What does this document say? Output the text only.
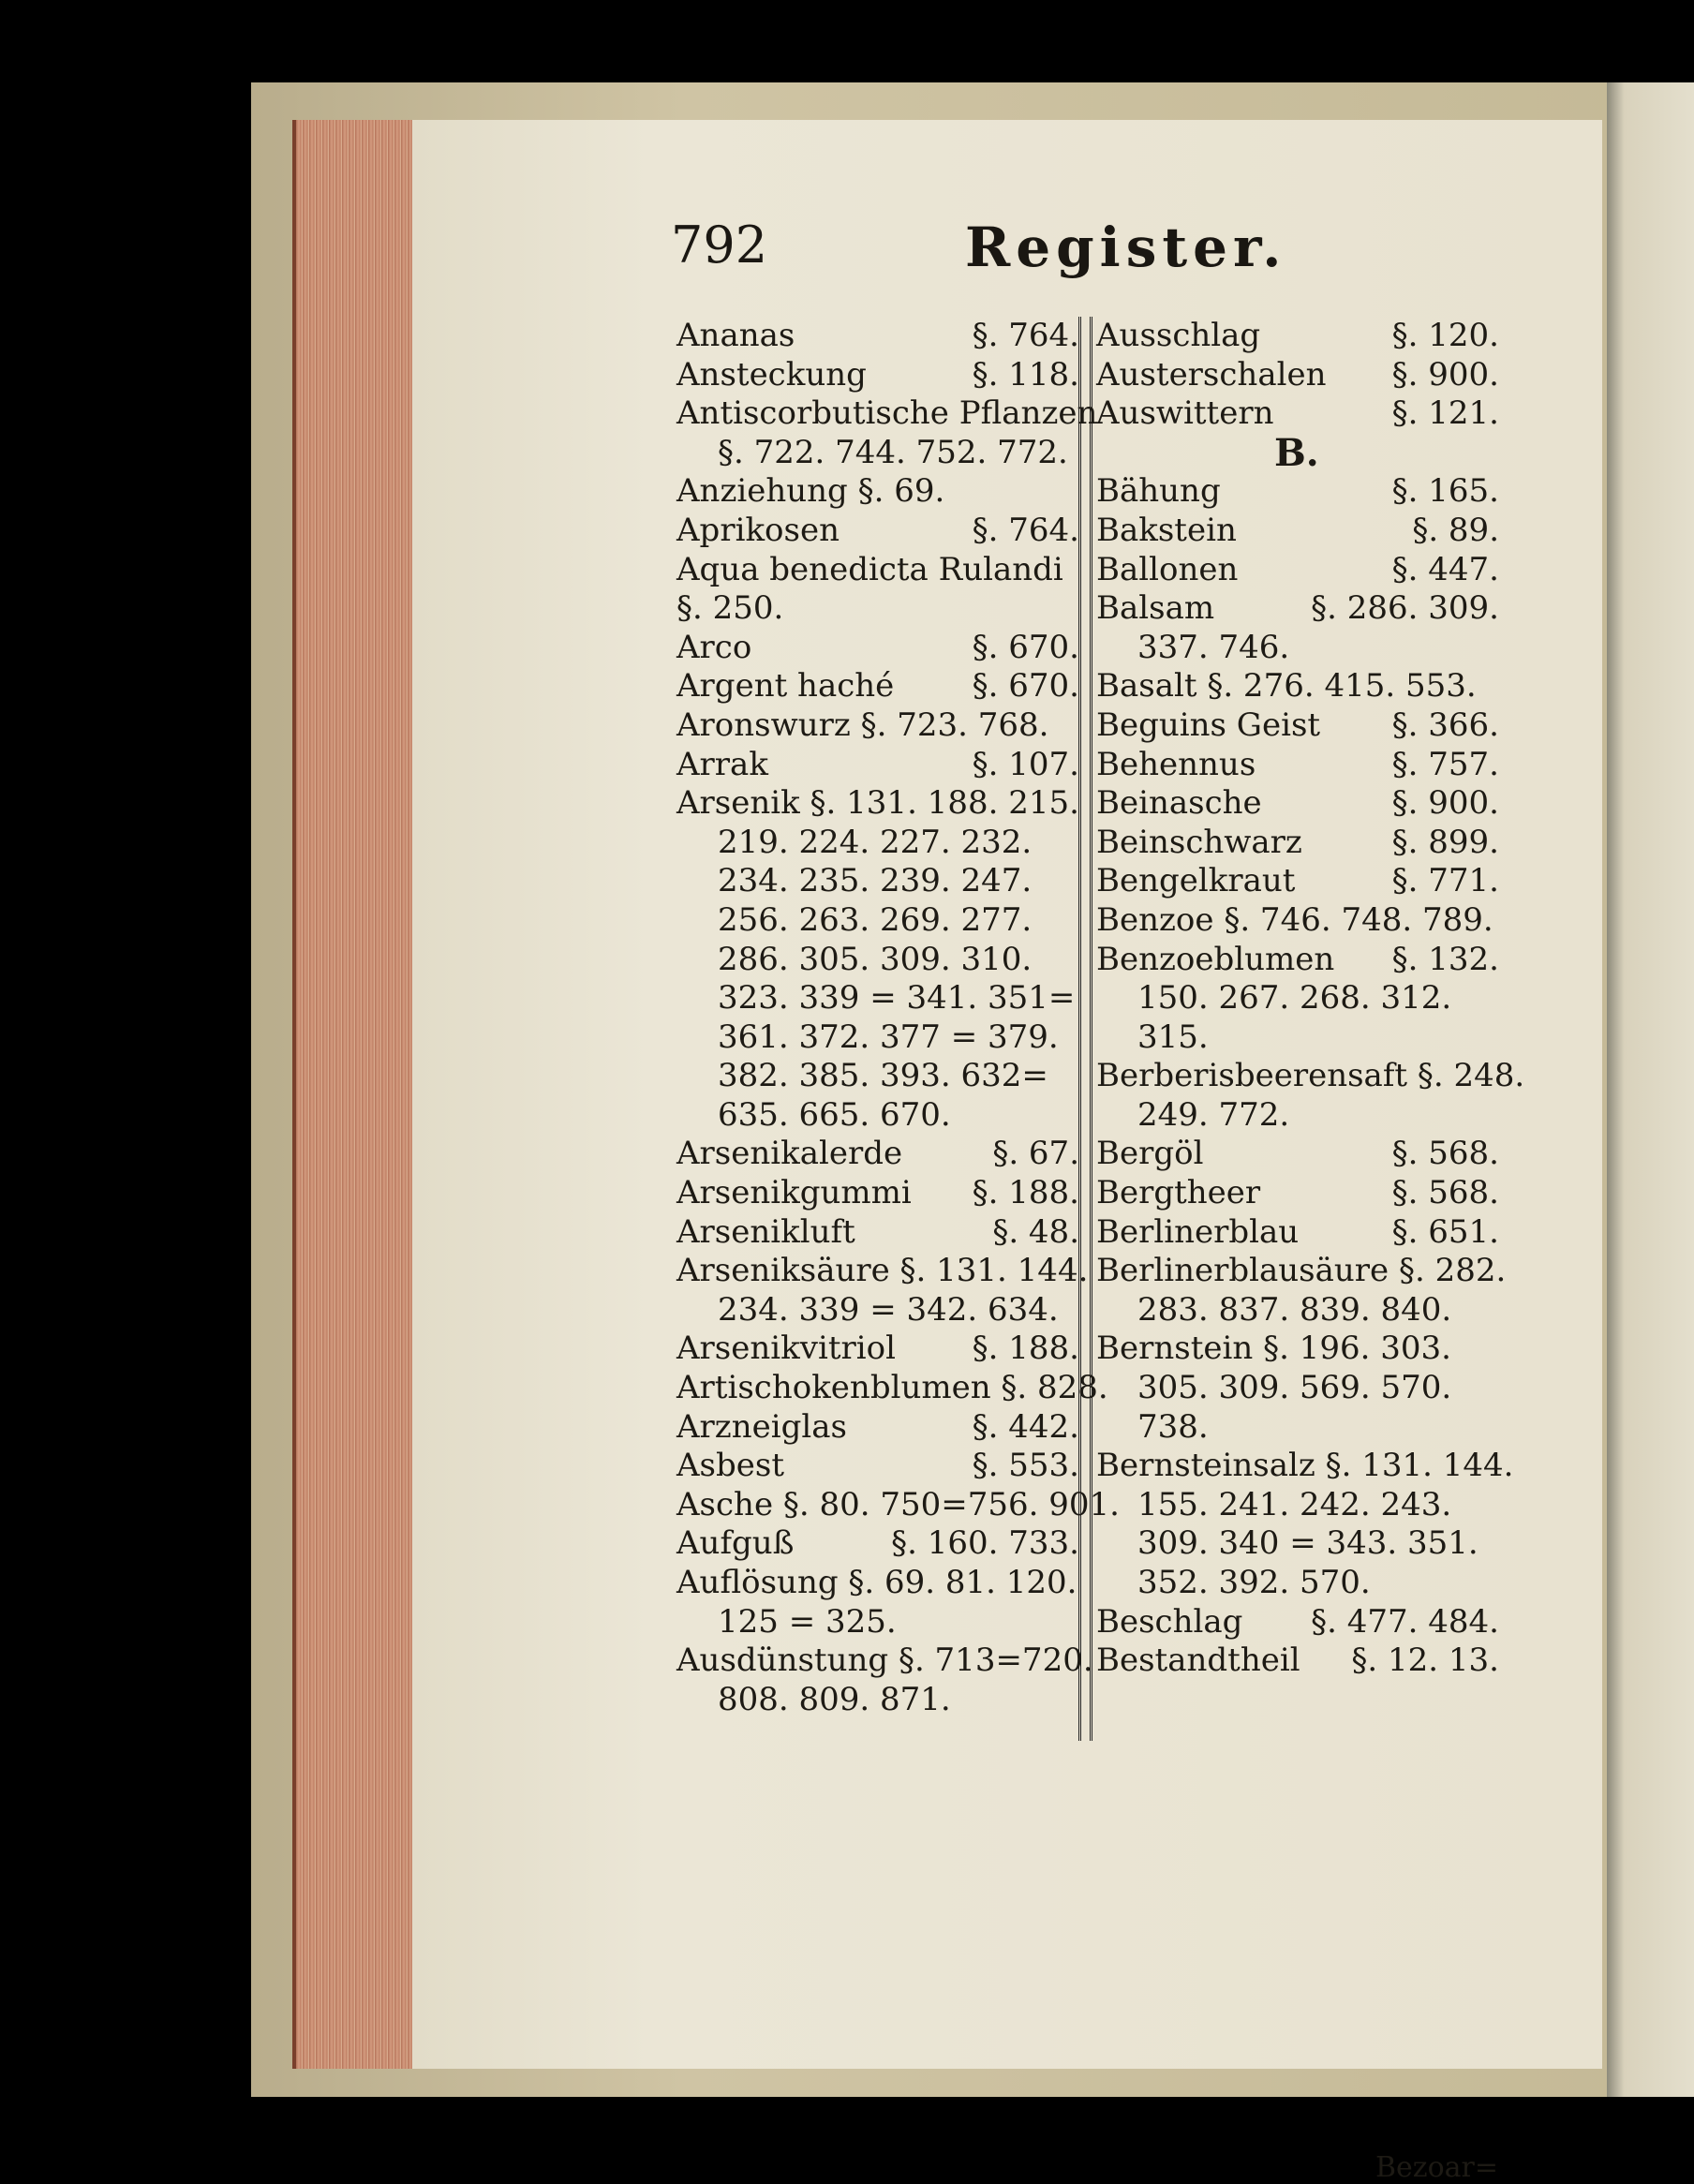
792	Register.
Ananas	§. 764.
Ansteckung	§. 118.
Antiscorbutische Pflanzen
§. 722. 744. 752. 772.
Anziehung §. 69.
Aprikosen	§. 764.
Aqua benedicta Rulandi
§. 250.
Arco	§. 670.
Argent haché §. 670.
Aronswurz §. 723. 768.
Arrak	§. 107.
Arsenik §. 131. 188. 215.
219. 224. 227. 232.
234. 235. 239. 247.
256. 263. 269. 277.
286. 305. 309. 310.
323. 339 = 341. 351=
361. 372. 377 = 379.
382. 385. 393. 632=
635. 665. 670.
Arsenikalerde	§. 67.
Arsenikgummi §. 188.
Arsenikluft	§. 48.
Arseniksäure §. 131. 144.
234. 339 = 342. 634.
Arsenikvitriol §. 188.
Artischokenblumen §. 828.
Arzneiglas	§. 442.
Asbest	§. 553.
Asche §. 80. 750=756. 901.
Aufguß	§. 160. 733.
Auflösung §. 69. 81. 120.
125 = 325.
Ausdünstung §. 713=720.
808. 809. 871.
Ausschlag	§. 120.
Austerschalen §. 900.
Auswittern	§. 121.
B.
Bähung	§. 165.
Bakstein	§. 89.
Ballonen	§. 447.
Balsam	§. 286. 309.
337. 746.
Basalt §. 276. 415. 553.
Beguins Geist §. 366.
Behennus	§. 757.
Beinasche	§. 900.
Beinschwarz	§. 899.
Bengelkraut	§. 771.
Benzoe §. 746. 748. 789.
Benzoeblumen §. 132.
150. 267. 268. 312.
315.
Berberisbeerensaft §. 248.
249. 772.
Bergöl	§. 568.
Bergtheer	§. 568.
Berlinerblau	§. 651.
Berlinerblausäure §. 282.
283. 837. 839. 840.
Bernstein §. 196. 303.
305. 309. 569. 570.
738.
Bernsteinsalz §. 131. 144.
155. 241. 242. 243.
309. 340 = 343. 351.
352. 392. 570.
Beschlag §. 477. 484.
Bestandtheil §. 12. 13.
Bezoar=
